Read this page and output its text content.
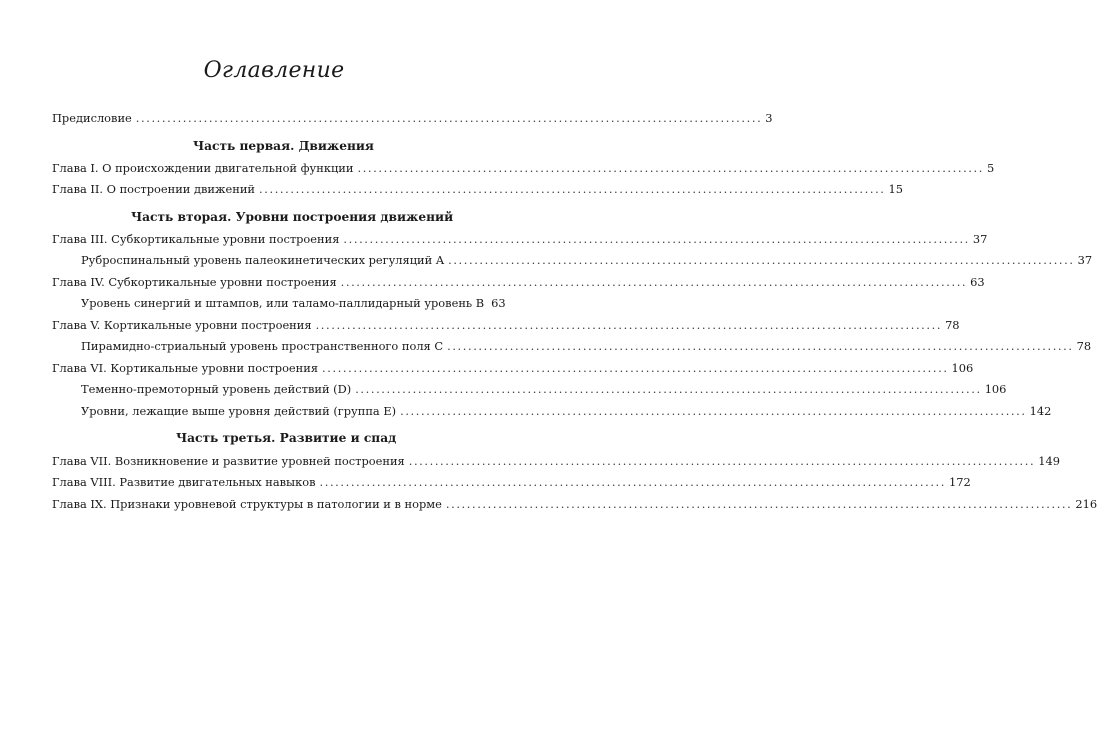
Оглавление
Предисловие ........................................................................................................................ 3
Часть первая. Движения
Глава I. О происхождении двигательной функции ........................................................................................................................ 5
Глава II. О построении движений ........................................................................................................................ 15
Часть вторая. Уровни построения движений
Глава III. Субкортикальные уровни построения ........................................................................................................................ 37
Руброспинальный уровень палеокинетических регуляций A ........................................................................................................................ 37
Глава IV. Субкортикальные уровни построения ........................................................................................................................ 63
Уровень синергий и штампов, или таламо-паллидарный уровень B 63
Глава V. Кортикальные уровни построения ........................................................................................................................ 78
Пирамидно-стриальный уровень пространственного поля C ........................................................................................................................ 78
Глава VI. Кортикальные уровни построения ........................................................................................................................ 106
Теменно-премоторный уровень действий (D) ........................................................................................................................ 106
Уровни, лежащие выше уровня действий (группа E) ........................................................................................................................ 142
Часть третья. Развитие и спад
Глава VII. Возникновение и развитие уровней построения ........................................................................................................................ 149
Глава VIII. Развитие двигательных навыков ........................................................................................................................ 172
Глава IX. Признаки уровневой структуры в патологии и в норме ........................................................................................................................ 216
